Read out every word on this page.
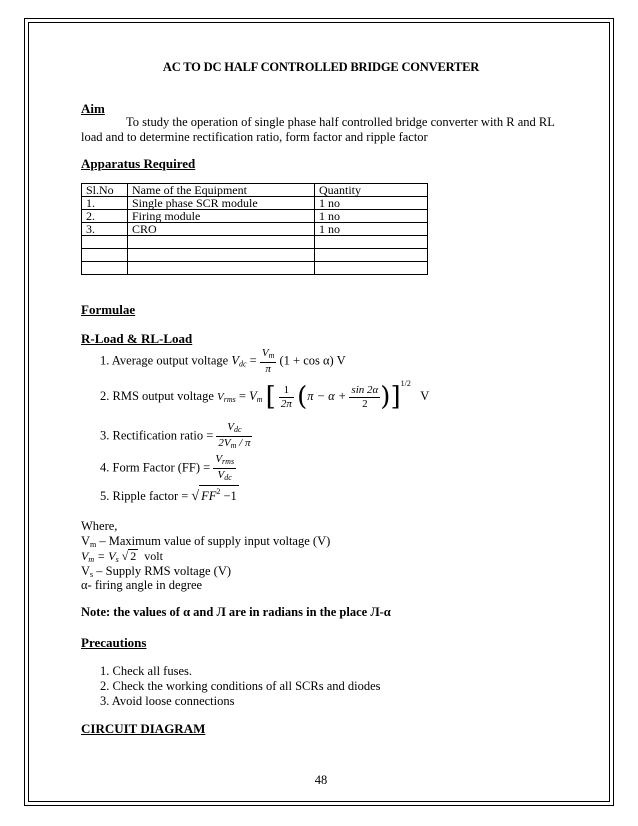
AC TO DC HALF CONTROLLED BRIDGE CONVERTER
Aim
To study the operation of single phase half controlled bridge converter with R and RL
load and to determine rectification ratio, form factor and ripple factor
Apparatus Required
Sl.No	Name of the Equipment	Quantity
1.	Single phase SCR module	1 no
2.	Firing module	1 no
3.	CRO	1 no

Formulae
R-Load & RL-Load
1. Average output voltage $V_{dc} = \frac{V_m}{\pi} (1 + \cos \alpha)$ V
2. RMS output voltage $V_{rms} = V_m$ [ $\frac{1}{2\pi} (\pi - \alpha + \frac{\sin 2\alpha}{2} )]^{1/2}$   V
3. Rectification ratio = $\frac{V_{dc}}{2V_m / \pi}$
4. Form Factor $(FF) = \frac{V_{rms}}{V_{dc}}$
5. Ripple factor = √ $FF^2 -1$
Where,
$V_m$ – Maximum value of supply input voltage (V)
$V_m = V_s$ √ 2 volt
$V_s$ – Supply RMS voltage (V)
α- firing angle in degree
Note: the values of α and Л are in radians in the place Л-α
Precautions
1. Check all fuses.
2. Check the working conditions of all SCRs and diodes
3. Avoid loose connections
CIRCUIT DIAGRAM
48
